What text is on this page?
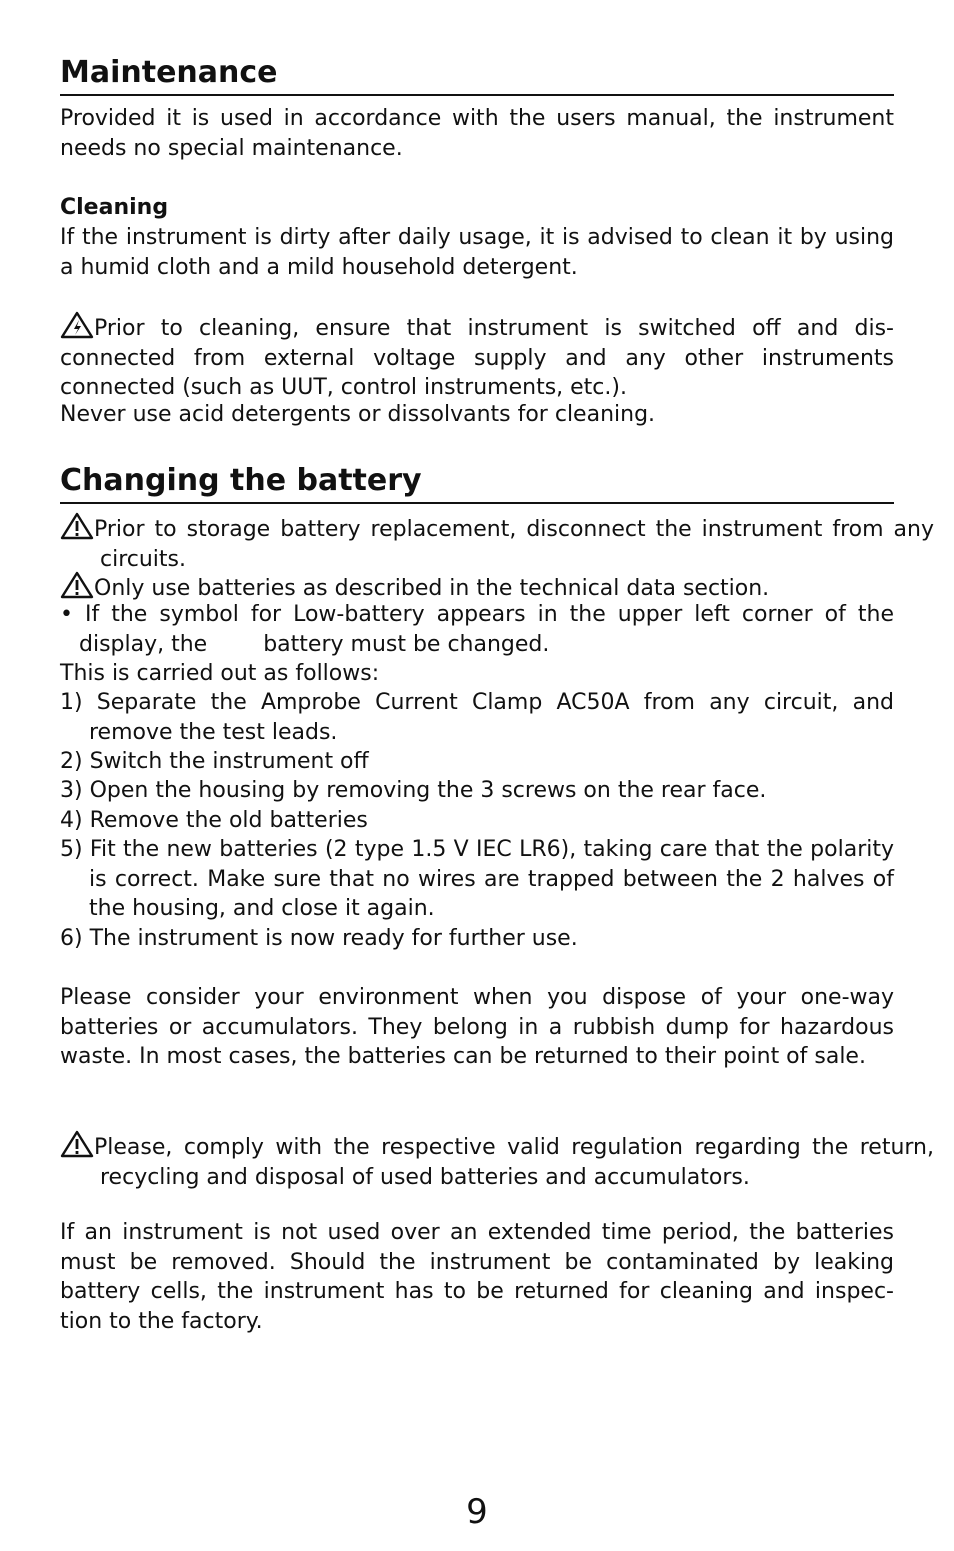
Maintenance
Provided it is used in accordance with the users manual, the instrument needs no special maintenance.
Cleaning
If the instrument is dirty after daily usage, it is advised to clean it by using a humid cloth and a mild household detergent.
Prior to cleaning, ensure that instrument is switched off and dis-connected from external voltage supply and any other instruments connected (such as UUT, control instruments, etc.).
Never use acid detergents or dissolvants for cleaning.
Changing the battery
Prior to storage battery replacement, disconnect the instrument from any circuits.
Only use batteries as described in the technical data section.
• If the symbol for Low-battery appears in the upper left corner of the display, the	battery must be changed.
This is carried out as follows:
1) Separate the Amprobe Current Clamp AC50A from any circuit, and remove the test leads.
2) Switch the instrument off
3) Open the housing by removing the 3 screws on the rear face.
4) Remove the old batteries
5) Fit the new batteries (2 type 1.5 V IEC LR6), taking care that the polarity is correct. Make sure that no wires are trapped between the 2 halves of the housing, and close it again.
6) The instrument is now ready for further use.
Please consider your environment when you dispose of your one-way batteries or accumulators. They belong in a rubbish dump for hazardous waste. In most cases, the batteries can be returned to their point of sale.
Please, comply with the respective valid regulation regarding the return, recycling and disposal of used batteries and accumulators.
If an instrument is not used over an extended time period, the batteries must be removed. Should the instrument be contaminated by leaking battery cells, the instrument has to be returned for cleaning and inspec-tion to the factory.
9
